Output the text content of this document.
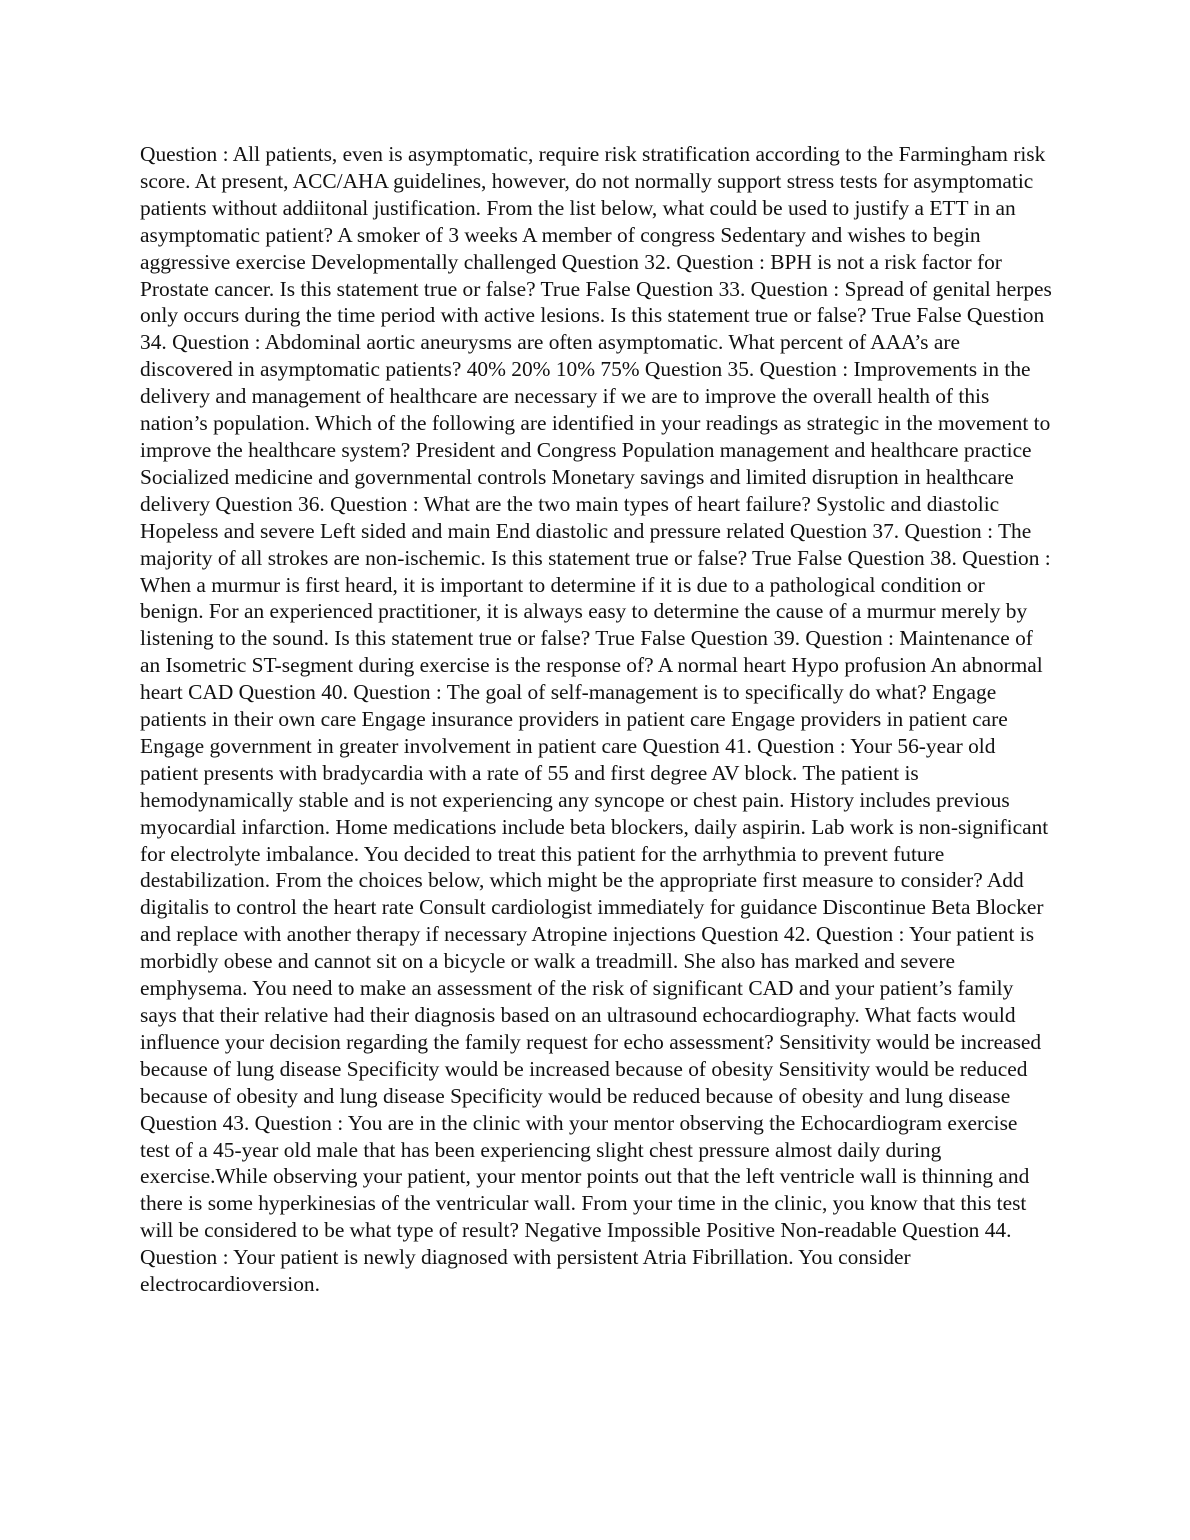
Question : All patients, even is asymptomatic, require risk stratification according to the Farmingham risk score. At present, ACC/AHA guidelines, however, do not normally support stress tests for asymptomatic patients without addiitonal justification. From the list below, what could be used to justify a ETT in an asymptomatic patient? A smoker of 3 weeks A member of congress Sedentary and wishes to begin aggressive exercise Developmentally challenged Question 32. Question : BPH is not a risk factor for Prostate cancer. Is this statement true or false? True False Question 33. Question : Spread of genital herpes only occurs during the time period with active lesions. Is this statement true or false? True False Question 34. Question : Abdominal aortic aneurysms are often asymptomatic. What percent of AAA’s are discovered in asymptomatic patients? 40% 20% 10% 75% Question 35. Question : Improvements in the delivery and management of healthcare are necessary if we are to improve the overall health of this nation’s population. Which of the following are identified in your readings as strategic in the movement to improve the healthcare system? President and Congress Population management and healthcare practice Socialized medicine and governmental controls Monetary savings and limited disruption in healthcare delivery Question 36. Question : What are the two main types of heart failure? Systolic and diastolic Hopeless and severe Left sided and main End diastolic and pressure related Question 37. Question : The majority of all strokes are non-ischemic. Is this statement true or false? True False Question 38. Question : When a murmur is first heard, it is important to determine if it is due to a pathological condition or benign. For an experienced practitioner, it is always easy to determine the cause of a murmur merely by listening to the sound. Is this statement true or false? True False Question 39. Question : Maintenance of an Isometric ST-segment during exercise is the response of? A normal heart Hypo profusion An abnormal heart CAD Question 40. Question : The goal of self-management is to specifically do what? Engage patients in their own care Engage insurance providers in patient care Engage providers in patient care Engage government in greater involvement in patient care Question 41. Question : Your 56-year old patient presents with bradycardia with a rate of 55 and first degree AV block. The patient is hemodynamically stable and is not experiencing any syncope or chest pain. History includes previous myocardial infarction. Home medications include beta blockers, daily aspirin. Lab work is non-significant for electrolyte imbalance. You decided to treat this patient for the arrhythmia to prevent future destabilization. From the choices below, which might be the appropriate first measure to consider? Add digitalis to control the heart rate Consult cardiologist immediately for guidance Discontinue Beta Blocker and replace with another therapy if necessary Atropine injections Question 42. Question : Your patient is morbidly obese and cannot sit on a bicycle or walk a treadmill. She also has marked and severe emphysema. You need to make an assessment of the risk of significant CAD and your patient’s family says that their relative had their diagnosis based on an ultrasound echocardiography. What facts would influence your decision regarding the family request for echo assessment? Sensitivity would be increased because of lung disease Specificity would be increased because of obesity Sensitivity would be reduced because of obesity and lung disease Specificity would be reduced because of obesity and lung disease Question 43. Question : You are in the clinic with your mentor observing the Echocardiogram exercise test of a 45-year old male that has been experiencing slight chest pressure almost daily during exercise.While observing your patient, your mentor points out that the left ventricle wall is thinning and there is some hyperkinesias of the ventricular wall. From your time in the clinic, you know that this test will be considered to be what type of result? Negative Impossible Positive Non-readable Question 44. Question : Your patient is newly diagnosed with persistent Atria Fibrillation. You consider electrocardioversion.
